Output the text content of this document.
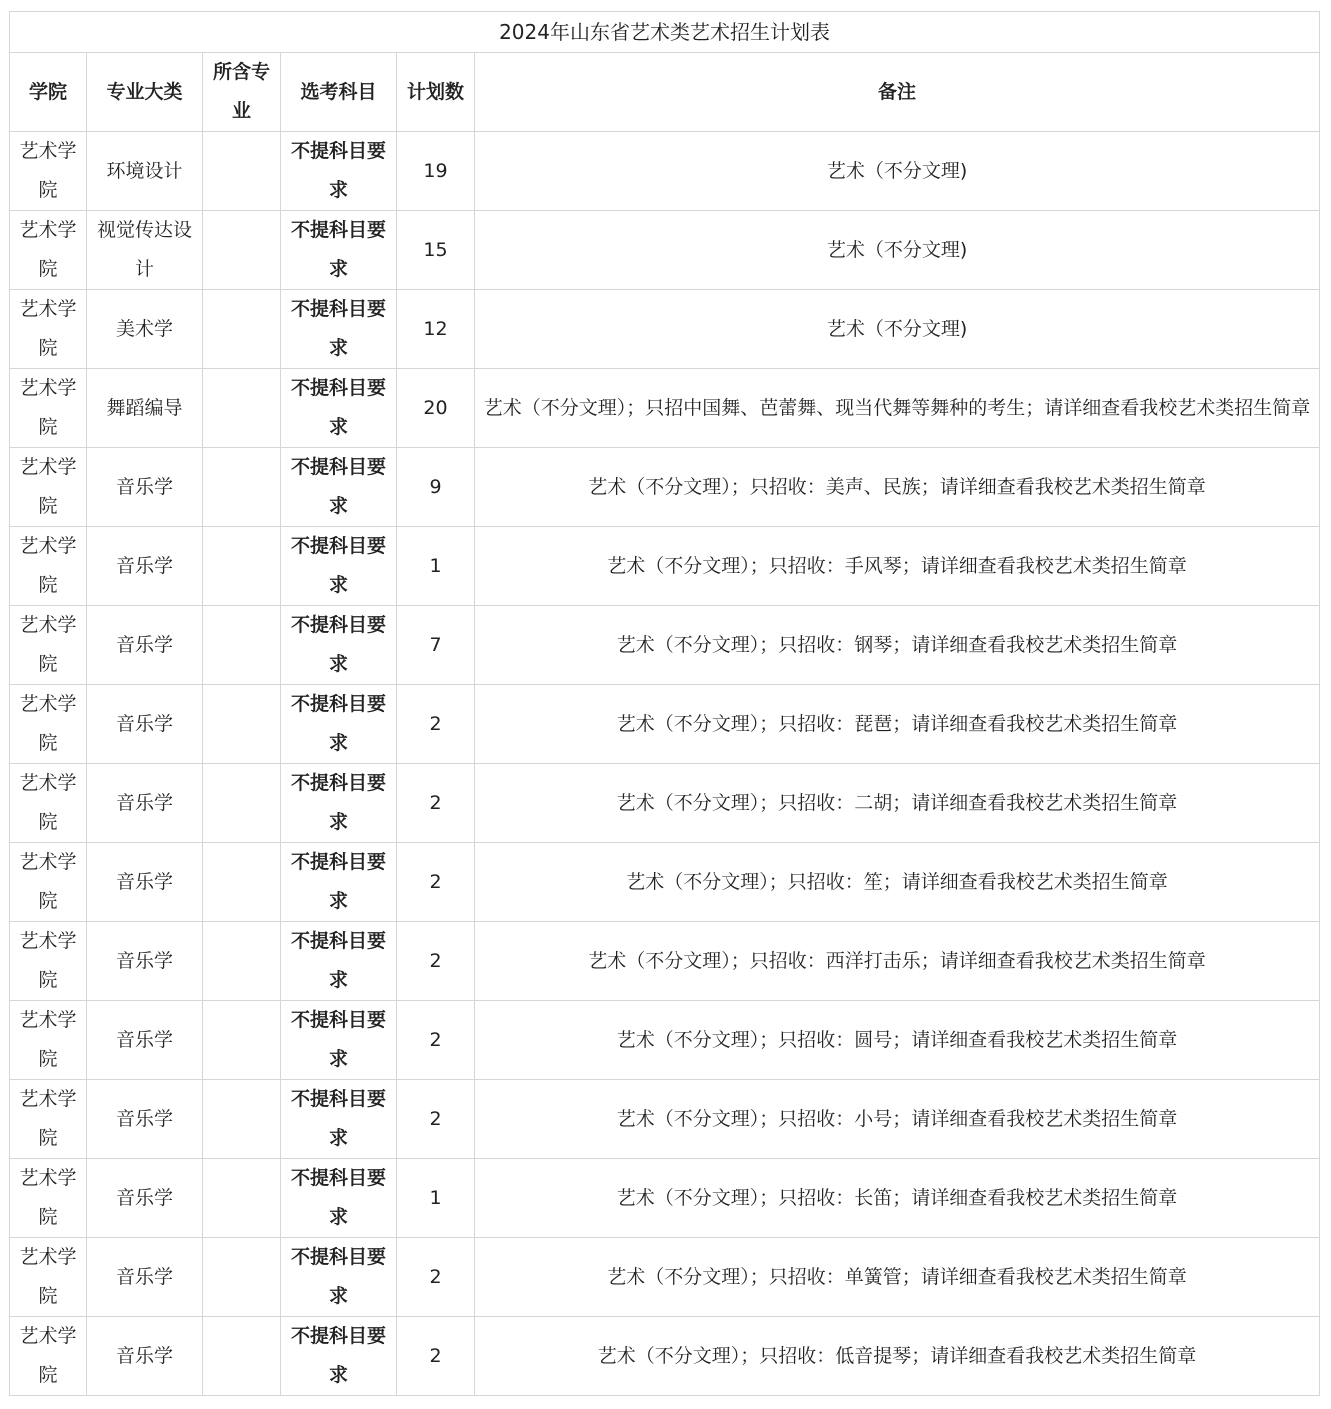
2024年山东省艺术类艺术招生计划表					
学院	专业大类	所含专业	选考科目	计划数	备注
艺术学院	环境设计		不提科目要求	19	艺术（不分文理)
艺术学院	视觉传达设计		不提科目要求	15	艺术（不分文理)
艺术学院	美术学		不提科目要求	12	艺术（不分文理)
艺术学院	舞蹈编导		不提科目要求	20	艺术（不分文理）；只招中国舞、芭蕾舞、现当代舞等舞种的考生；请详细查看我校艺术类招生简章
艺术学院	音乐学		不提科目要求	9	艺术（不分文理）；只招收：美声、民族；请详细查看我校艺术类招生简章
艺术学院	音乐学		不提科目要求	1	艺术（不分文理）；只招收：手风琴；请详细查看我校艺术类招生简章
艺术学院	音乐学		不提科目要求	7	艺术（不分文理）；只招收：钢琴；请详细查看我校艺术类招生简章
艺术学院	音乐学		不提科目要求	2	艺术（不分文理）；只招收：琵琶；请详细查看我校艺术类招生简章
艺术学院	音乐学		不提科目要求	2	艺术（不分文理）；只招收：二胡；请详细查看我校艺术类招生简章
艺术学院	音乐学		不提科目要求	2	艺术（不分文理）；只招收：笙；请详细查看我校艺术类招生简章
艺术学院	音乐学		不提科目要求	2	艺术（不分文理）；只招收：西洋打击乐；请详细查看我校艺术类招生简章
艺术学院	音乐学		不提科目要求	2	艺术（不分文理）；只招收：圆号；请详细查看我校艺术类招生简章
艺术学院	音乐学		不提科目要求	2	艺术（不分文理）；只招收：小号；请详细查看我校艺术类招生简章
艺术学院	音乐学		不提科目要求	1	艺术（不分文理）；只招收：长笛；请详细查看我校艺术类招生简章
艺术学院	音乐学		不提科目要求	2	艺术（不分文理）；只招收：单簧管；请详细查看我校艺术类招生简章
艺术学院	音乐学		不提科目要求	2	艺术（不分文理）；只招收：低音提琴；请详细查看我校艺术类招生简章
